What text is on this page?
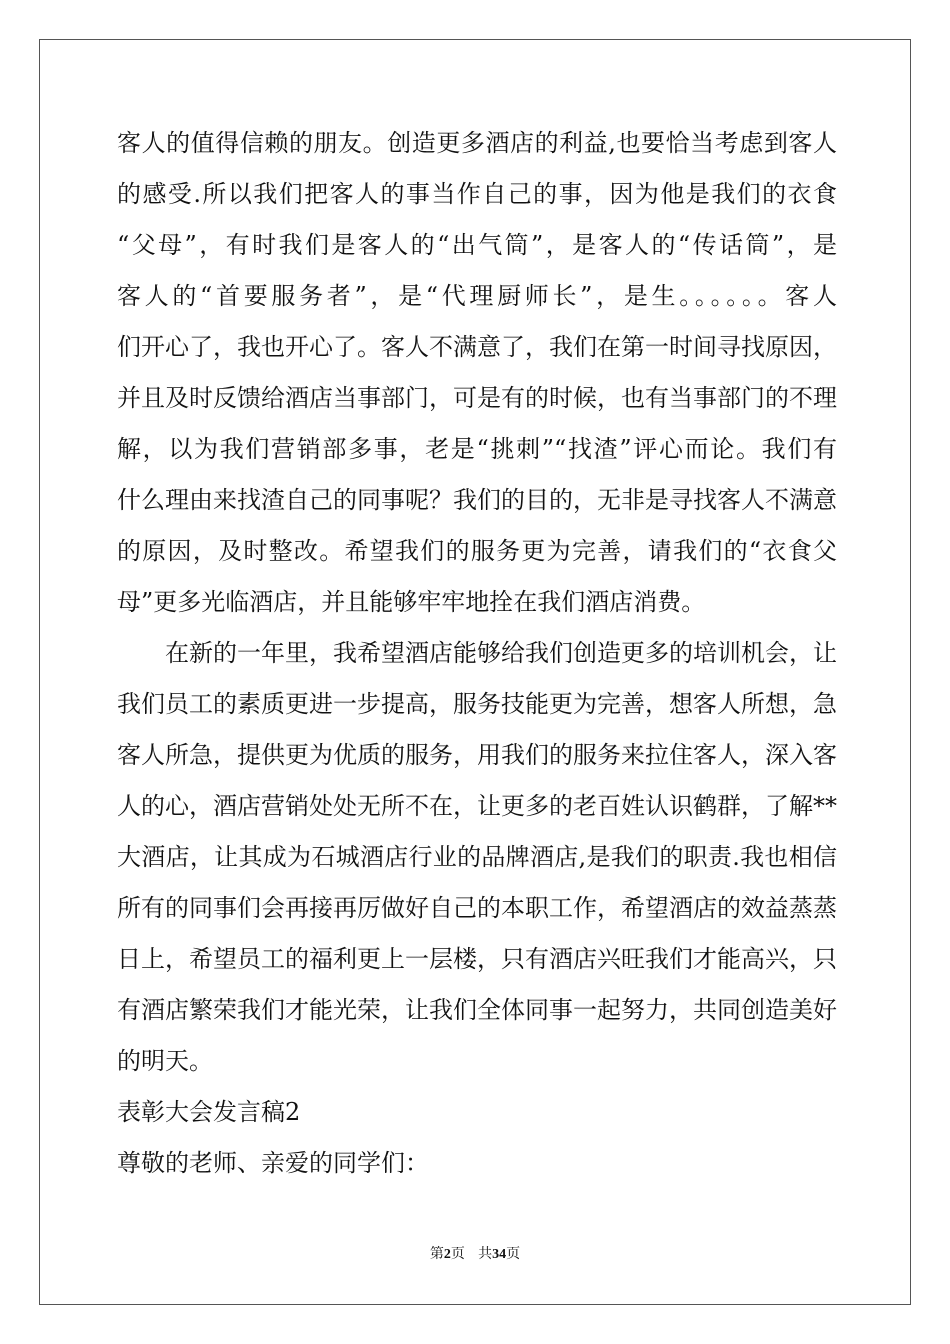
客人的值得信赖的朋友。创造更多酒店的利益,也要恰当考虑到客人
的感受.所以我们把客人的事当作自己的事，因为他是我们的衣食
“父母”，有时我们是客人的“出气筒”，是客人的“传话筒”，是
客人的“首要服务者”，是“代理厨师长”，是生。。。。。。客人
们开心了，我也开心了。客人不满意了，我们在第一时间寻找原因，
并且及时反馈给酒店当事部门，可是有的时候，也有当事部门的不理
解，以为我们营销部多事，老是“挑刺”“找渣”评心而论。我们有
什么理由来找渣自己的同事呢？我们的目的，无非是寻找客人不满意
的原因，及时整改。希望我们的服务更为完善，请我们的“衣食父
母”更多光临酒店，并且能够牢牢地拴在我们酒店消费。
在新的一年里，我希望酒店能够给我们创造更多的培训机会，让
我们员工的素质更进一步提高，服务技能更为完善，想客人所想，急
客人所急，提供更为优质的服务，用我们的服务来拉住客人，深入客
人的心，酒店营销处处无所不在，让更多的老百姓认识鹤群，了解**
大酒店，让其成为石城酒店行业的品牌酒店,是我们的职责.我也相信
所有的同事们会再接再厉做好自己的本职工作，希望酒店的效益蒸蒸
日上，希望员工的福利更上一层楼，只有酒店兴旺我们才能高兴，只
有酒店繁荣我们才能光荣，让我们全体同事一起努力，共同创造美好
的明天。
表彰大会发言稿2
尊敬的老师、亲爱的同学们：
第2页 共34页
